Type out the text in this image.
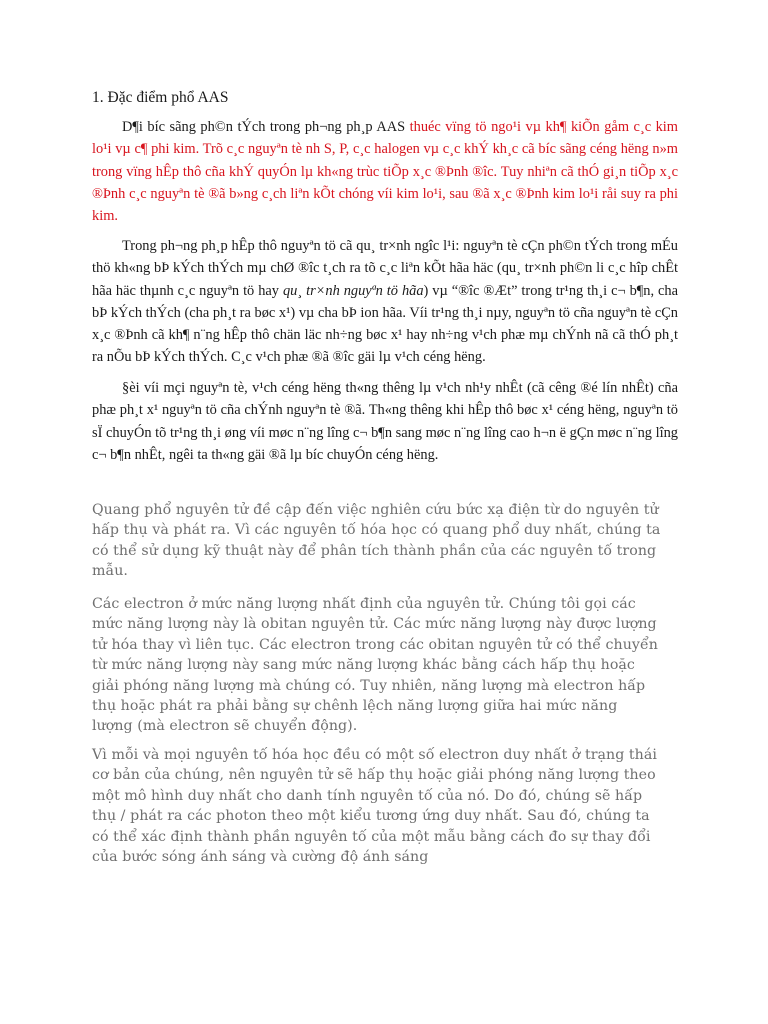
1. Đặc điểm phổ AAS

D¶i bíc sãng ph©n tÝch trong ph¬ng ph¸p AAS thuéc vïng tö ngo¹i vµ kh¶ kiÕn gåm c¸c kim lo¹i vµ c¶ phi kim. Trõ c¸c nguyªn tè nh S, P, c¸c halogen vµ c¸c khÝ kh¸c cã bíc sãng céng hëng n»m trong vïng hÊp thô cña khÝ quyÓn lµ kh«ng trùc tiÕp x¸c ®Þnh ®îc. Tuy nhiªn cã thÓ gi¸n tiÕp x¸c ®Þnh c¸c nguyªn tè ®ã b»ng c¸ch liªn kÕt chóng víi kim lo¹i, sau ®ã x¸c ®Þnh kim lo¹i råi suy ra phi kim.

Trong ph¬ng ph¸p hÊp thô nguyªn tö cã qu¸ tr×nh ngîc l¹i: nguyªn tè cÇn ph©n tÝch trong mÉu thö kh«ng bÞ kÝch thÝch mµ chØ ®îc t¸ch ra tõ c¸c liªn kÕt hãa häc (qu¸ tr×nh ph©n li c¸c hîp chÊt hãa häc thµnh c¸c nguyªn tö hay qu¸ tr×nh nguyªn tö hãa) vµ “®îc ®Æt” trong tr¹ng th¸i c¬ b¶n, cha bÞ kÝch thÝch (cha ph¸t ra bøc x¹) vµ cha bÞ ion hãa. Víi tr¹ng th¸i nµy, nguyªn tö cña nguyªn tè cÇn x¸c ®Þnh cã kh¶ n¨ng hÊp thô chän läc nh÷ng bøc x¹ hay nh÷ng v¹ch phæ mµ chÝnh nã cã thÓ ph¸t ra nÕu bÞ kÝch thÝch. C¸c v¹ch phæ ®ã ®îc gäi lµ v¹ch céng hëng.

§èi víi mçi nguyªn tè, v¹ch céng hëng th«ng thêng lµ v¹ch nh¹y nhÊt (cã cêng ®é lín nhÊt) cña phæ ph¸t x¹ nguyªn tö cña chÝnh nguyªn tè ®ã. Th«ng thêng khi hÊp thô bøc x¹ céng hëng, nguyªn tö sÏ chuyÓn tõ tr¹ng th¸i øng víi møc n¨ng lîng c¬ b¶n sang møc n¨ng lîng cao h¬n ë gÇn møc n¨ng lîng c¬ b¶n nhÊt, ngêi ta th«ng gäi ®ã lµ bíc chuyÓn céng hëng.

Quang phổ nguyên tử đề cập đến việc nghiên cứu bức xạ điện từ do nguyên tử hấp thụ và phát ra. Vì các nguyên tố hóa học có quang phổ duy nhất, chúng ta có thể sử dụng kỹ thuật này để phân tích thành phần của các nguyên tố trong mẫu.

Các electron ở mức năng lượng nhất định của nguyên tử. Chúng tôi gọi các mức năng lượng này là obitan nguyên tử. Các mức năng lượng này được lượng tử hóa thay vì liên tục. Các electron trong các obitan nguyên tử có thể chuyển từ mức năng lượng này sang mức năng lượng khác bằng cách hấp thụ hoặc giải phóng năng lượng mà chúng có. Tuy nhiên, năng lượng mà electron hấp thụ hoặc phát ra phải bằng sự chênh lệch năng lượng giữa hai mức năng lượng (mà electron sẽ chuyển động).

Vì mỗi và mọi nguyên tố hóa học đều có một số electron duy nhất ở trạng thái cơ bản của chúng, nên nguyên tử sẽ hấp thụ hoặc giải phóng năng lượng theo một mô hình duy nhất cho danh tính nguyên tố của nó. Do đó, chúng sẽ hấp thụ / phát ra các photon theo một kiểu tương ứng duy nhất. Sau đó, chúng ta có thể xác định thành phần nguyên tố của một mẫu bằng cách đo sự thay đổi của bước sóng ánh sáng và cường độ ánh sáng
